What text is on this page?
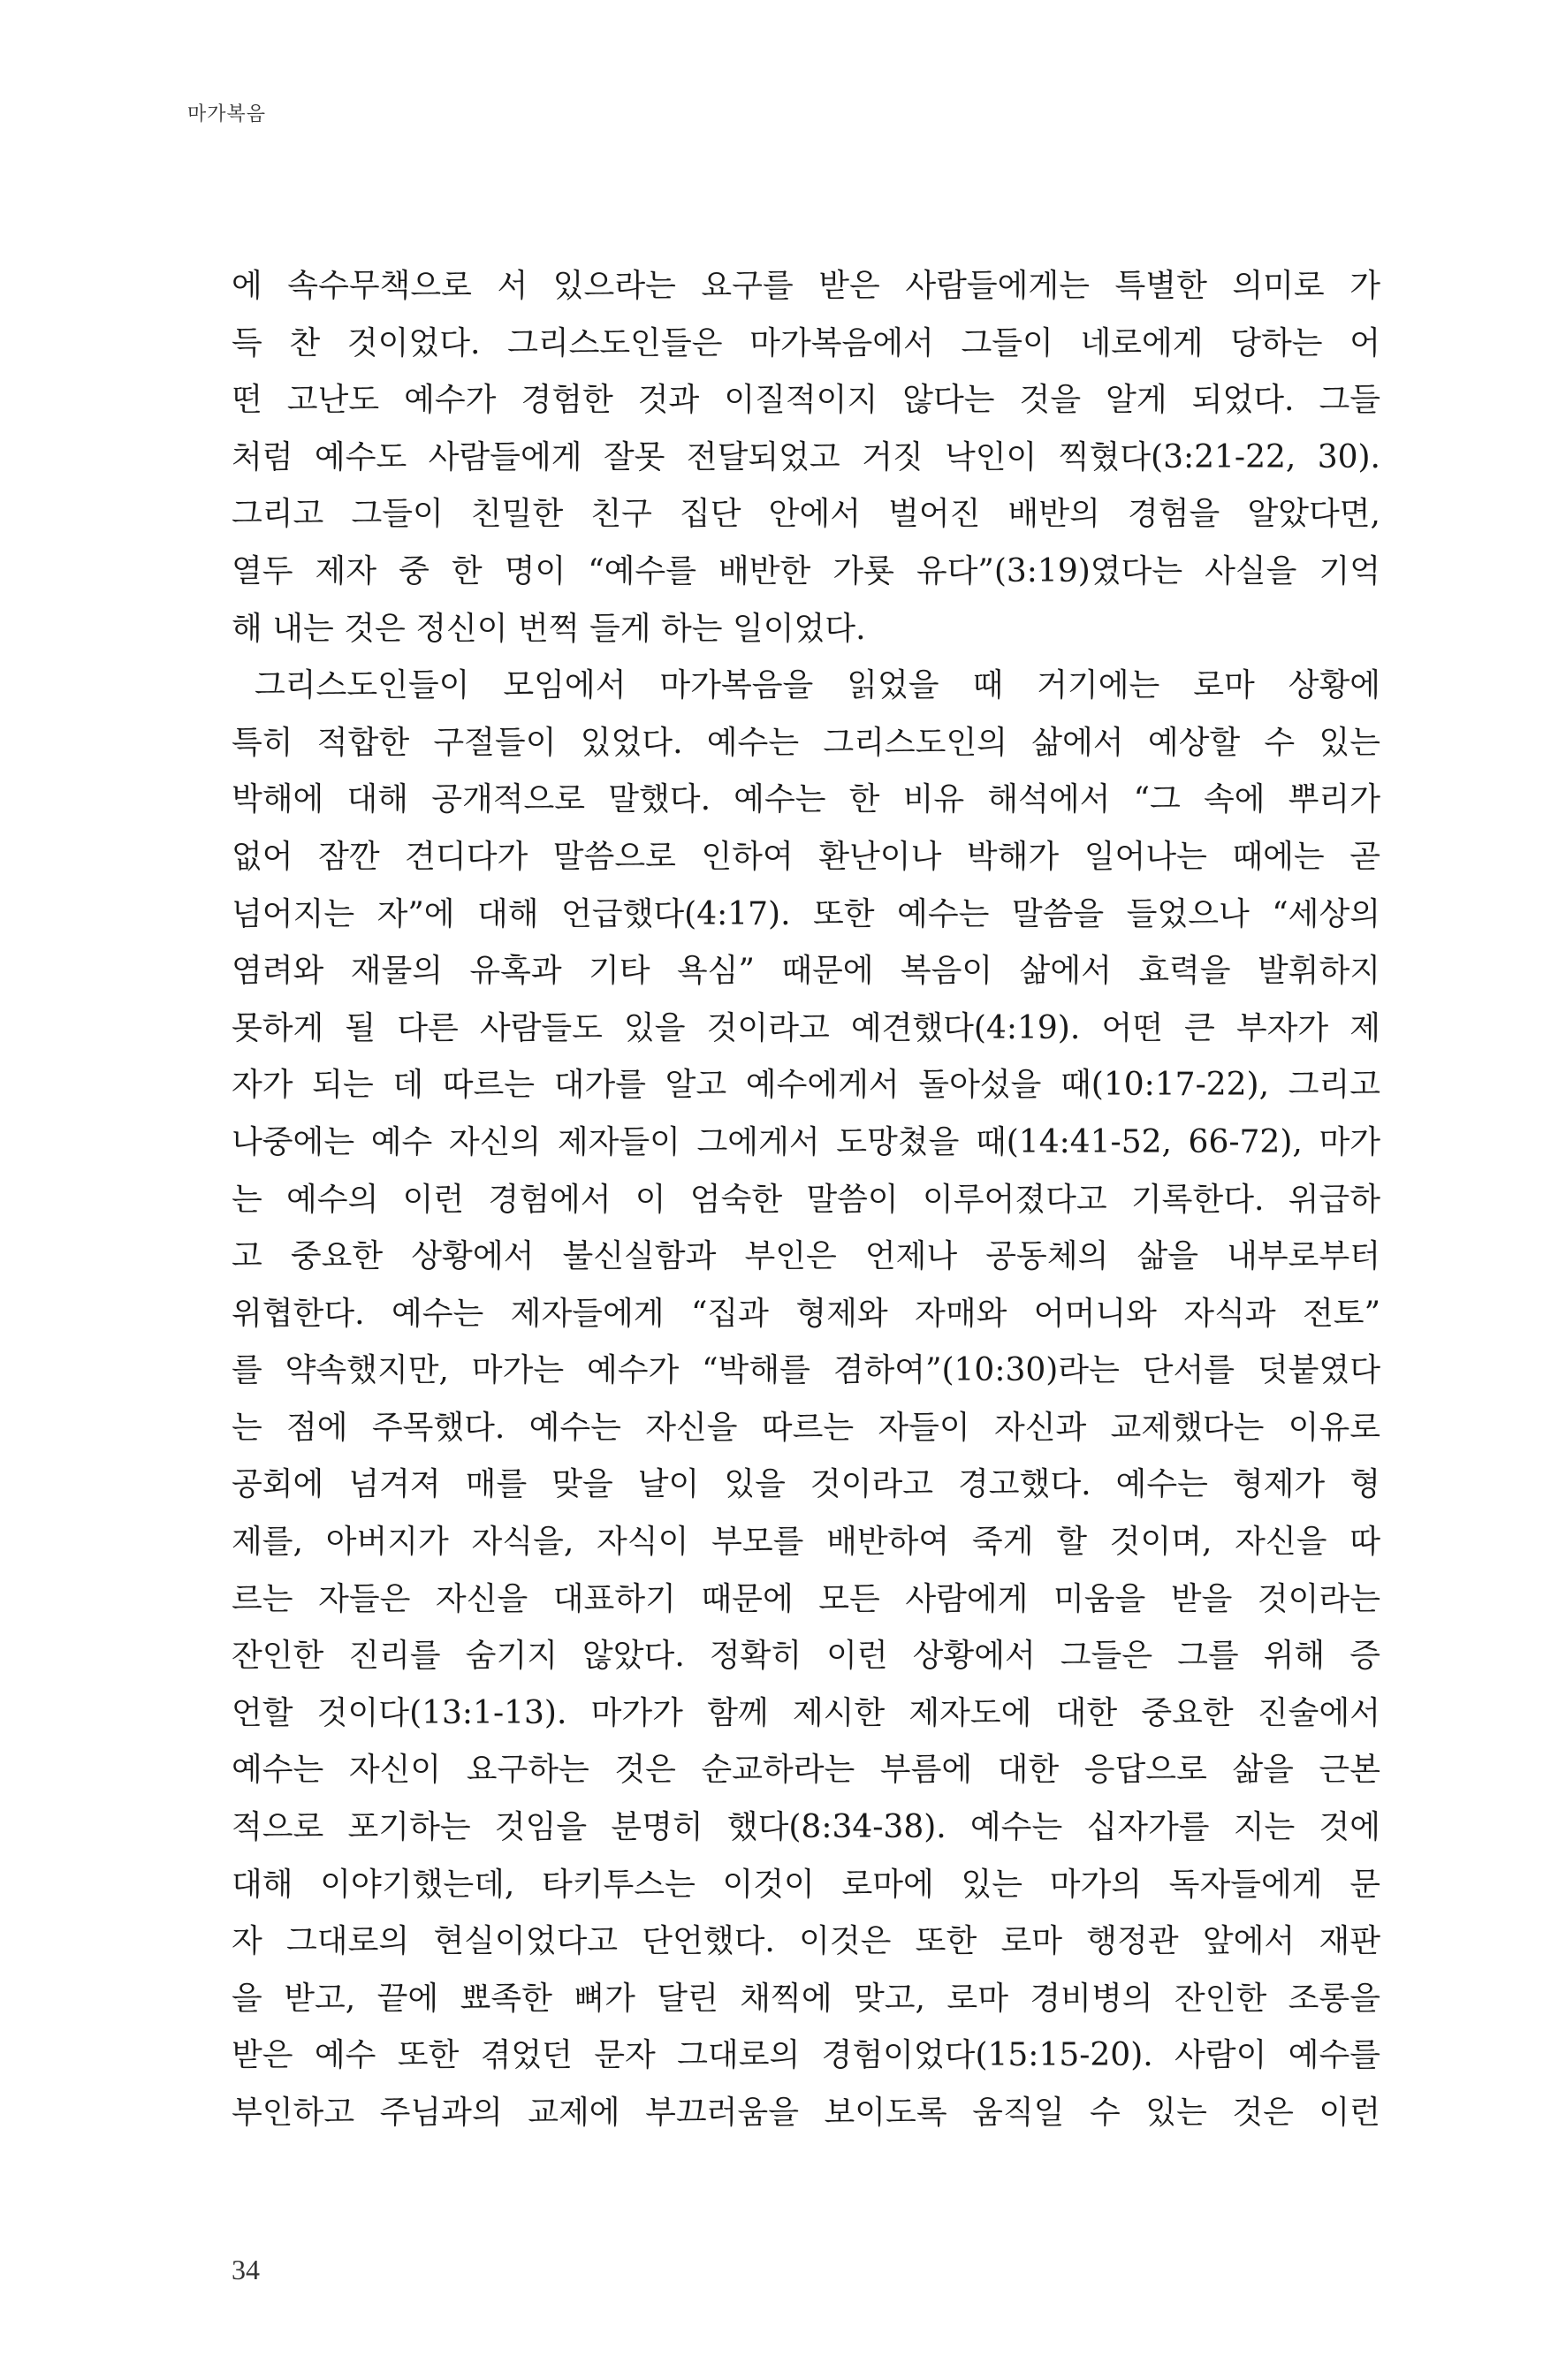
마가복음
에 속수무책으로 서 있으라는 요구를 받은 사람들에게는 특별한 의미로 가
득 찬 것이었다. 그리스도인들은 마가복음에서 그들이 네로에게 당하는 어
떤 고난도 예수가 경험한 것과 이질적이지 않다는 것을 알게 되었다. 그들
처럼 예수도 사람들에게 잘못 전달되었고 거짓 낙인이 찍혔다(3:21-22, 30).
그리고 그들이 친밀한 친구 집단 안에서 벌어진 배반의 경험을 알았다면,
열두 제자 중 한 명이 “예수를 배반한 가룟 유다”(3:19)였다는 사실을 기억
해 내는 것은 정신이 번쩍 들게 하는 일이었다.
그리스도인들이 모임에서 마가복음을 읽었을 때 거기에는 로마 상황에
특히 적합한 구절들이 있었다. 예수는 그리스도인의 삶에서 예상할 수 있는
박해에 대해 공개적으로 말했다. 예수는 한 비유 해석에서 “그 속에 뿌리가
없어 잠깐 견디다가 말씀으로 인하여 환난이나 박해가 일어나는 때에는 곧
넘어지는 자”에 대해 언급했다(4:17). 또한 예수는 말씀을 들었으나 “세상의
염려와 재물의 유혹과 기타 욕심” 때문에 복음이 삶에서 효력을 발휘하지
못하게 될 다른 사람들도 있을 것이라고 예견했다(4:19). 어떤 큰 부자가 제
자가 되는 데 따르는 대가를 알고 예수에게서 돌아섰을 때(10:17-22), 그리고
나중에는 예수 자신의 제자들이 그에게서 도망쳤을 때(14:41-52, 66-72), 마가
는 예수의 이런 경험에서 이 엄숙한 말씀이 이루어졌다고 기록한다. 위급하
고 중요한 상황에서 불신실함과 부인은 언제나 공동체의 삶을 내부로부터
위협한다. 예수는 제자들에게 “집과 형제와 자매와 어머니와 자식과 전토”
를 약속했지만, 마가는 예수가 “박해를 겸하여”(10:30)라는 단서를 덧붙였다
는 점에 주목했다. 예수는 자신을 따르는 자들이 자신과 교제했다는 이유로
공회에 넘겨져 매를 맞을 날이 있을 것이라고 경고했다. 예수는 형제가 형
제를, 아버지가 자식을, 자식이 부모를 배반하여 죽게 할 것이며, 자신을 따
르는 자들은 자신을 대표하기 때문에 모든 사람에게 미움을 받을 것이라는
잔인한 진리를 숨기지 않았다. 정확히 이런 상황에서 그들은 그를 위해 증
언할 것이다(13:1-13). 마가가 함께 제시한 제자도에 대한 중요한 진술에서
예수는 자신이 요구하는 것은 순교하라는 부름에 대한 응답으로 삶을 근본
적으로 포기하는 것임을 분명히 했다(8:34-38). 예수는 십자가를 지는 것에
대해 이야기했는데, 타키투스는 이것이 로마에 있는 마가의 독자들에게 문
자 그대로의 현실이었다고 단언했다. 이것은 또한 로마 행정관 앞에서 재판
을 받고, 끝에 뾰족한 뼈가 달린 채찍에 맞고, 로마 경비병의 잔인한 조롱을
받은 예수 또한 겪었던 문자 그대로의 경험이었다(15:15-20). 사람이 예수를
부인하고 주님과의 교제에 부끄러움을 보이도록 움직일 수 있는 것은 이런
34
